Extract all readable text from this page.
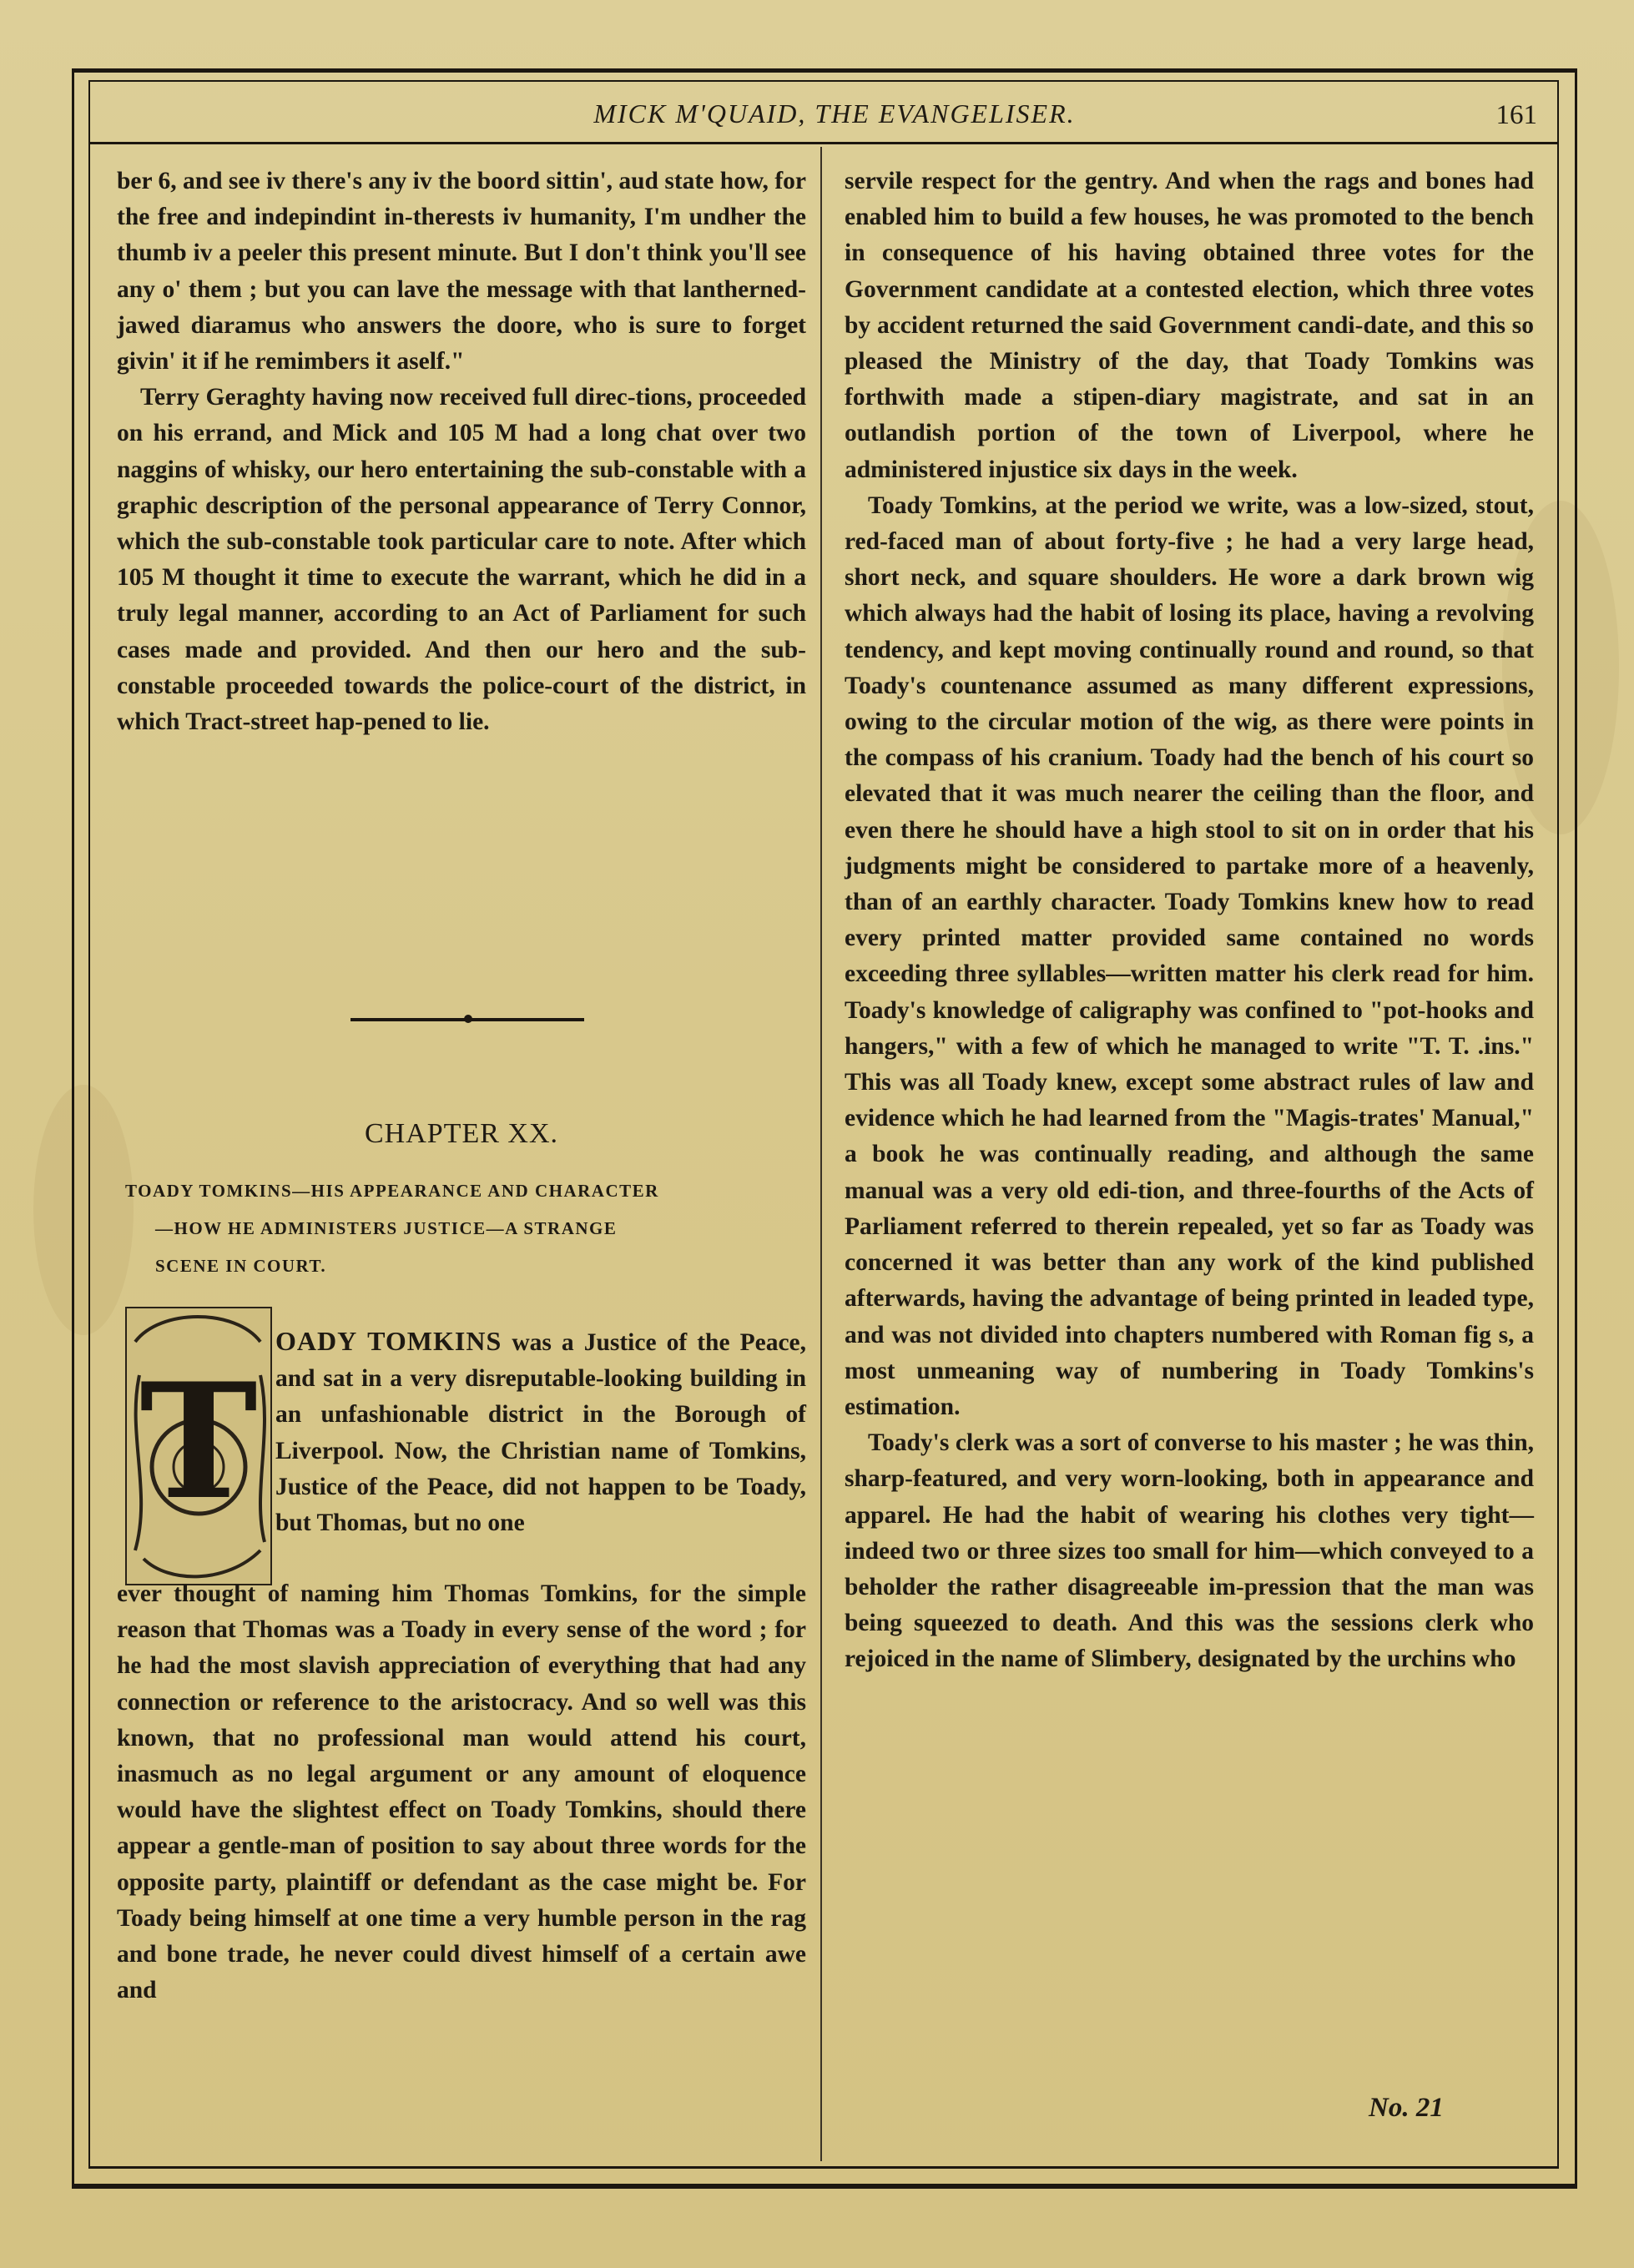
MICK M'QUAID, THE EVANGELISER.	161

ber 6, and see iv there's any iv the boord sittin', aud state how, for the free and indepindint in-therests iv humanity, I'm undher the thumb iv a peeler this present minute. But I don't think you'll see any o' them ; but you can lave the message with that lantherned-jawed diaramus who answers the doore, who is sure to forget givin' it if he remimbers it aself."

Terry Geraghty having now received full direc-tions, proceeded on his errand, and Mick and 105 M had a long chat over two naggins of whisky, our hero entertaining the sub-constable with a graphic description of the personal appearance of Terry Connor, which the sub-constable took particular care to note. After which 105 M thought it time to execute the warrant, which he did in a truly legal manner, according to an Act of Parliament for such cases made and provided. And then our hero and the sub-constable proceeded towards the police-court of the district, in which Tract-street hap-pened to lie.

CHAPTER XX.
TOADY TOMKINS—HIS APPEARANCE AND CHARACTER
—HOW HE ADMINISTERS JUSTICE—A STRANGE
SCENE IN COURT.
T

OADY TOMKINS was a Justice of the Peace, and sat in a very disreputable-looking building in an unfashionable district in the Borough of Liverpool. Now, the Christian name of Tomkins, Justice of the Peace, did not happen to be Toady, but Thomas, but no one

ever thought of naming him Thomas Tomkins, for the simple reason that Thomas was a Toady in every sense of the word ; for he had the most slavish appreciation of everything that had any connection or reference to the aristocracy. And so well was this known, that no professional man would attend his court, inasmuch as no legal argument or any amount of eloquence would have the slightest effect on Toady Tomkins, should there appear a gentle-man of position to say about three words for the opposite party, plaintiff or defendant as the case might be. For Toady being himself at one time a very humble person in the rag and bone trade, he never could divest himself of a certain awe and

servile respect for the gentry. And when the rags and bones had enabled him to build a few houses, he was promoted to the bench in consequence of his having obtained three votes for the Government candidate at a contested election, which three votes by accident returned the said Government candi-date, and this so pleased the Ministry of the day, that Toady Tomkins was forthwith made a stipen-diary magistrate, and sat in an outlandish portion of the town of Liverpool, where he administered injustice six days in the week.

Toady Tomkins, at the period we write, was a low-sized, stout, red-faced man of about forty-five ; he had a very large head, short neck, and square shoulders. He wore a dark brown wig which always had the habit of losing its place, having a revolving tendency, and kept moving continually round and round, so that Toady's countenance assumed as many different expressions, owing to the circular motion of the wig, as there were points in the compass of his cranium. Toady had the bench of his court so elevated that it was much nearer the ceiling than the floor, and even there he should have a high stool to sit on in order that his judgments might be considered to partake more of a heavenly, than of an earthly character. Toady Tomkins knew how to read every printed matter provided same contained no words exceeding three syllables—written matter his clerk read for him. Toady's knowledge of caligraphy was confined to "pot-hooks and hangers," with a few of which he managed to write "T. T. .ins." This was all Toady knew, except some abstract rules of law and evidence which he had learned from the "Magis-trates' Manual," a book he was continually reading, and although the same manual was a very old edi-tion, and three-fourths of the Acts of Parliament referred to therein repealed, yet so far as Toady was concerned it was better than any work of the kind published afterwards, having the advantage of being printed in leaded type, and was not divided into chapters numbered with Roman fig s, a most unmeaning way of numbering in Toady Tomkins's estimation.

Toady's clerk was a sort of converse to his master ; he was thin, sharp-featured, and very worn-looking, both in appearance and apparel. He had the habit of wearing his clothes very tight—indeed two or three sizes too small for him—which conveyed to a beholder the rather disagreeable im-pression that the man was being squeezed to death. And this was the sessions clerk who rejoiced in the name of Slimbery, designated by the urchins who

No. 21
